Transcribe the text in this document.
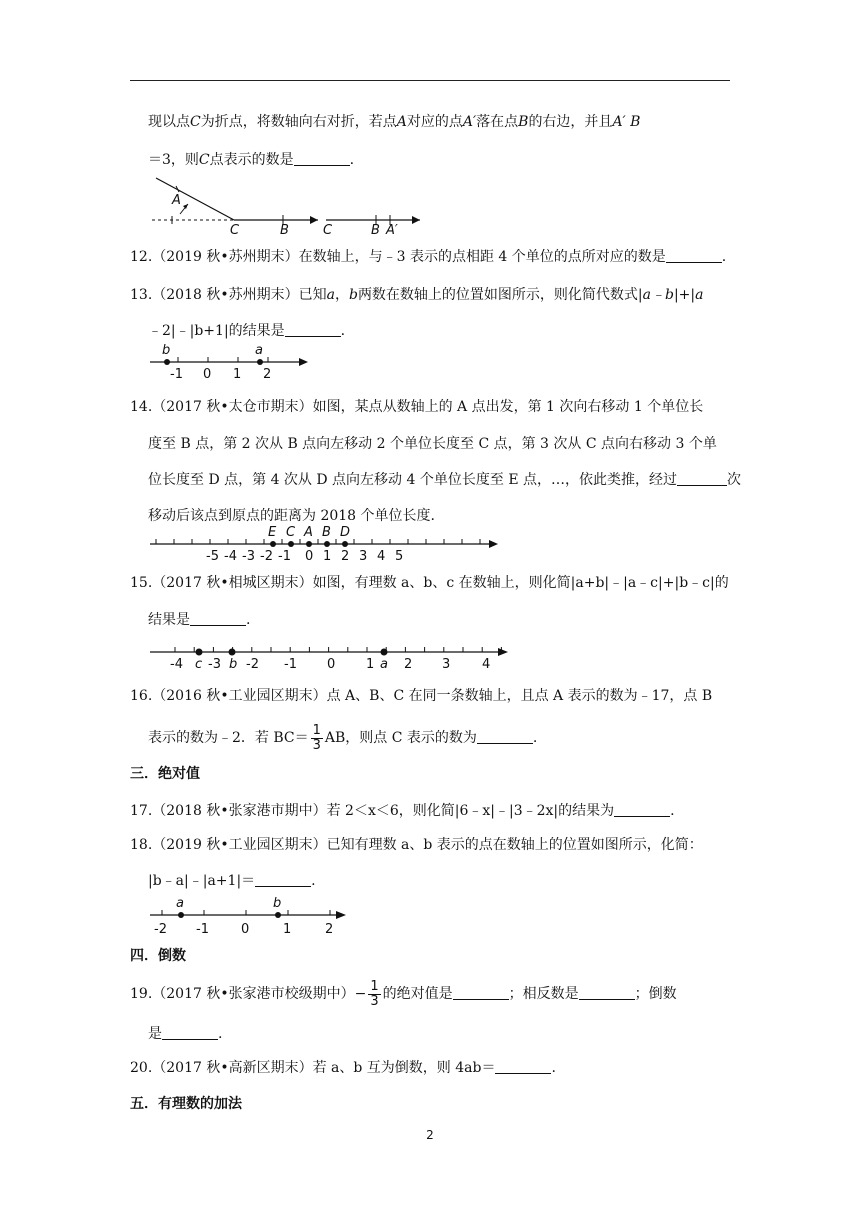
现以点C为折点，将数轴向右对折，若点A对应的点A′落在点B的右边，并且A′ B
＝3，则C点表示的数是	.
A
C	B	C	B A′
12.（2019 秋•苏州期末）在数轴上，与﹣3 表示的点相距 4 个单位的点所对应的数是	.
13.（2018 秋•苏州期末）已知a，b两数在数轴上的位置如图所示，则化简代数式|a﹣b|+|a
﹣2|﹣|b+1|的结果是	.
b	a
-1 0 1 2
14.（2017 秋•太仓市期末）如图，某点从数轴上的 A 点出发，第 1 次向右移动 1 个单位长
度至 B 点，第 2 次从 B 点向左移动 2 个单位长度至 C 点，第 3 次从 C 点向右移动 3 个单
位长度至 D 点，第 4 次从 D 点向左移动 4 个单位长度至 E 点，…，依此类推，经过	次
移动后该点到原点的距离为 2018 个单位长度.
E C A B D
-5 -4 -3 -2 -1 0 1 2 3 4 5
15.（2017 秋•相城区期末）如图，有理数 a、b、c 在数轴上，则化简|a+b|﹣|a﹣c|+|b﹣c|的
结果是	.
-4 c -3 b -2 -1 0 1 a 2 3 4
16.（2016 秋•工业园区期末）点 A、B、C 在同一条数轴上，且点 A 表示的数为﹣17，点 B
表示的数为﹣2．若 $BC= \frac{1}{3}$ AB，则点 C 表示的数为	.
三．绝对值
17.（2018 秋•张家港市期中）若 2＜x＜6，则化简|6﹣x|﹣|3﹣2x|的结果为	.
18.（2019 秋•工业园区期末）已知有理数 a、b 表示的点在数轴上的位置如图所示，化简：
|b﹣a|﹣|a+1|＝	.
a	b
-2 -1 0	1	2
四．倒数
19.（2017 秋•张家港市校级期中）− $\frac{1}{3}$ 的绝对值是	；相反数是	；倒数
是	.
20.（2017 秋•高新区期末）若 a、b 互为倒数，则 4ab＝	.
五．有理数的加法
2
